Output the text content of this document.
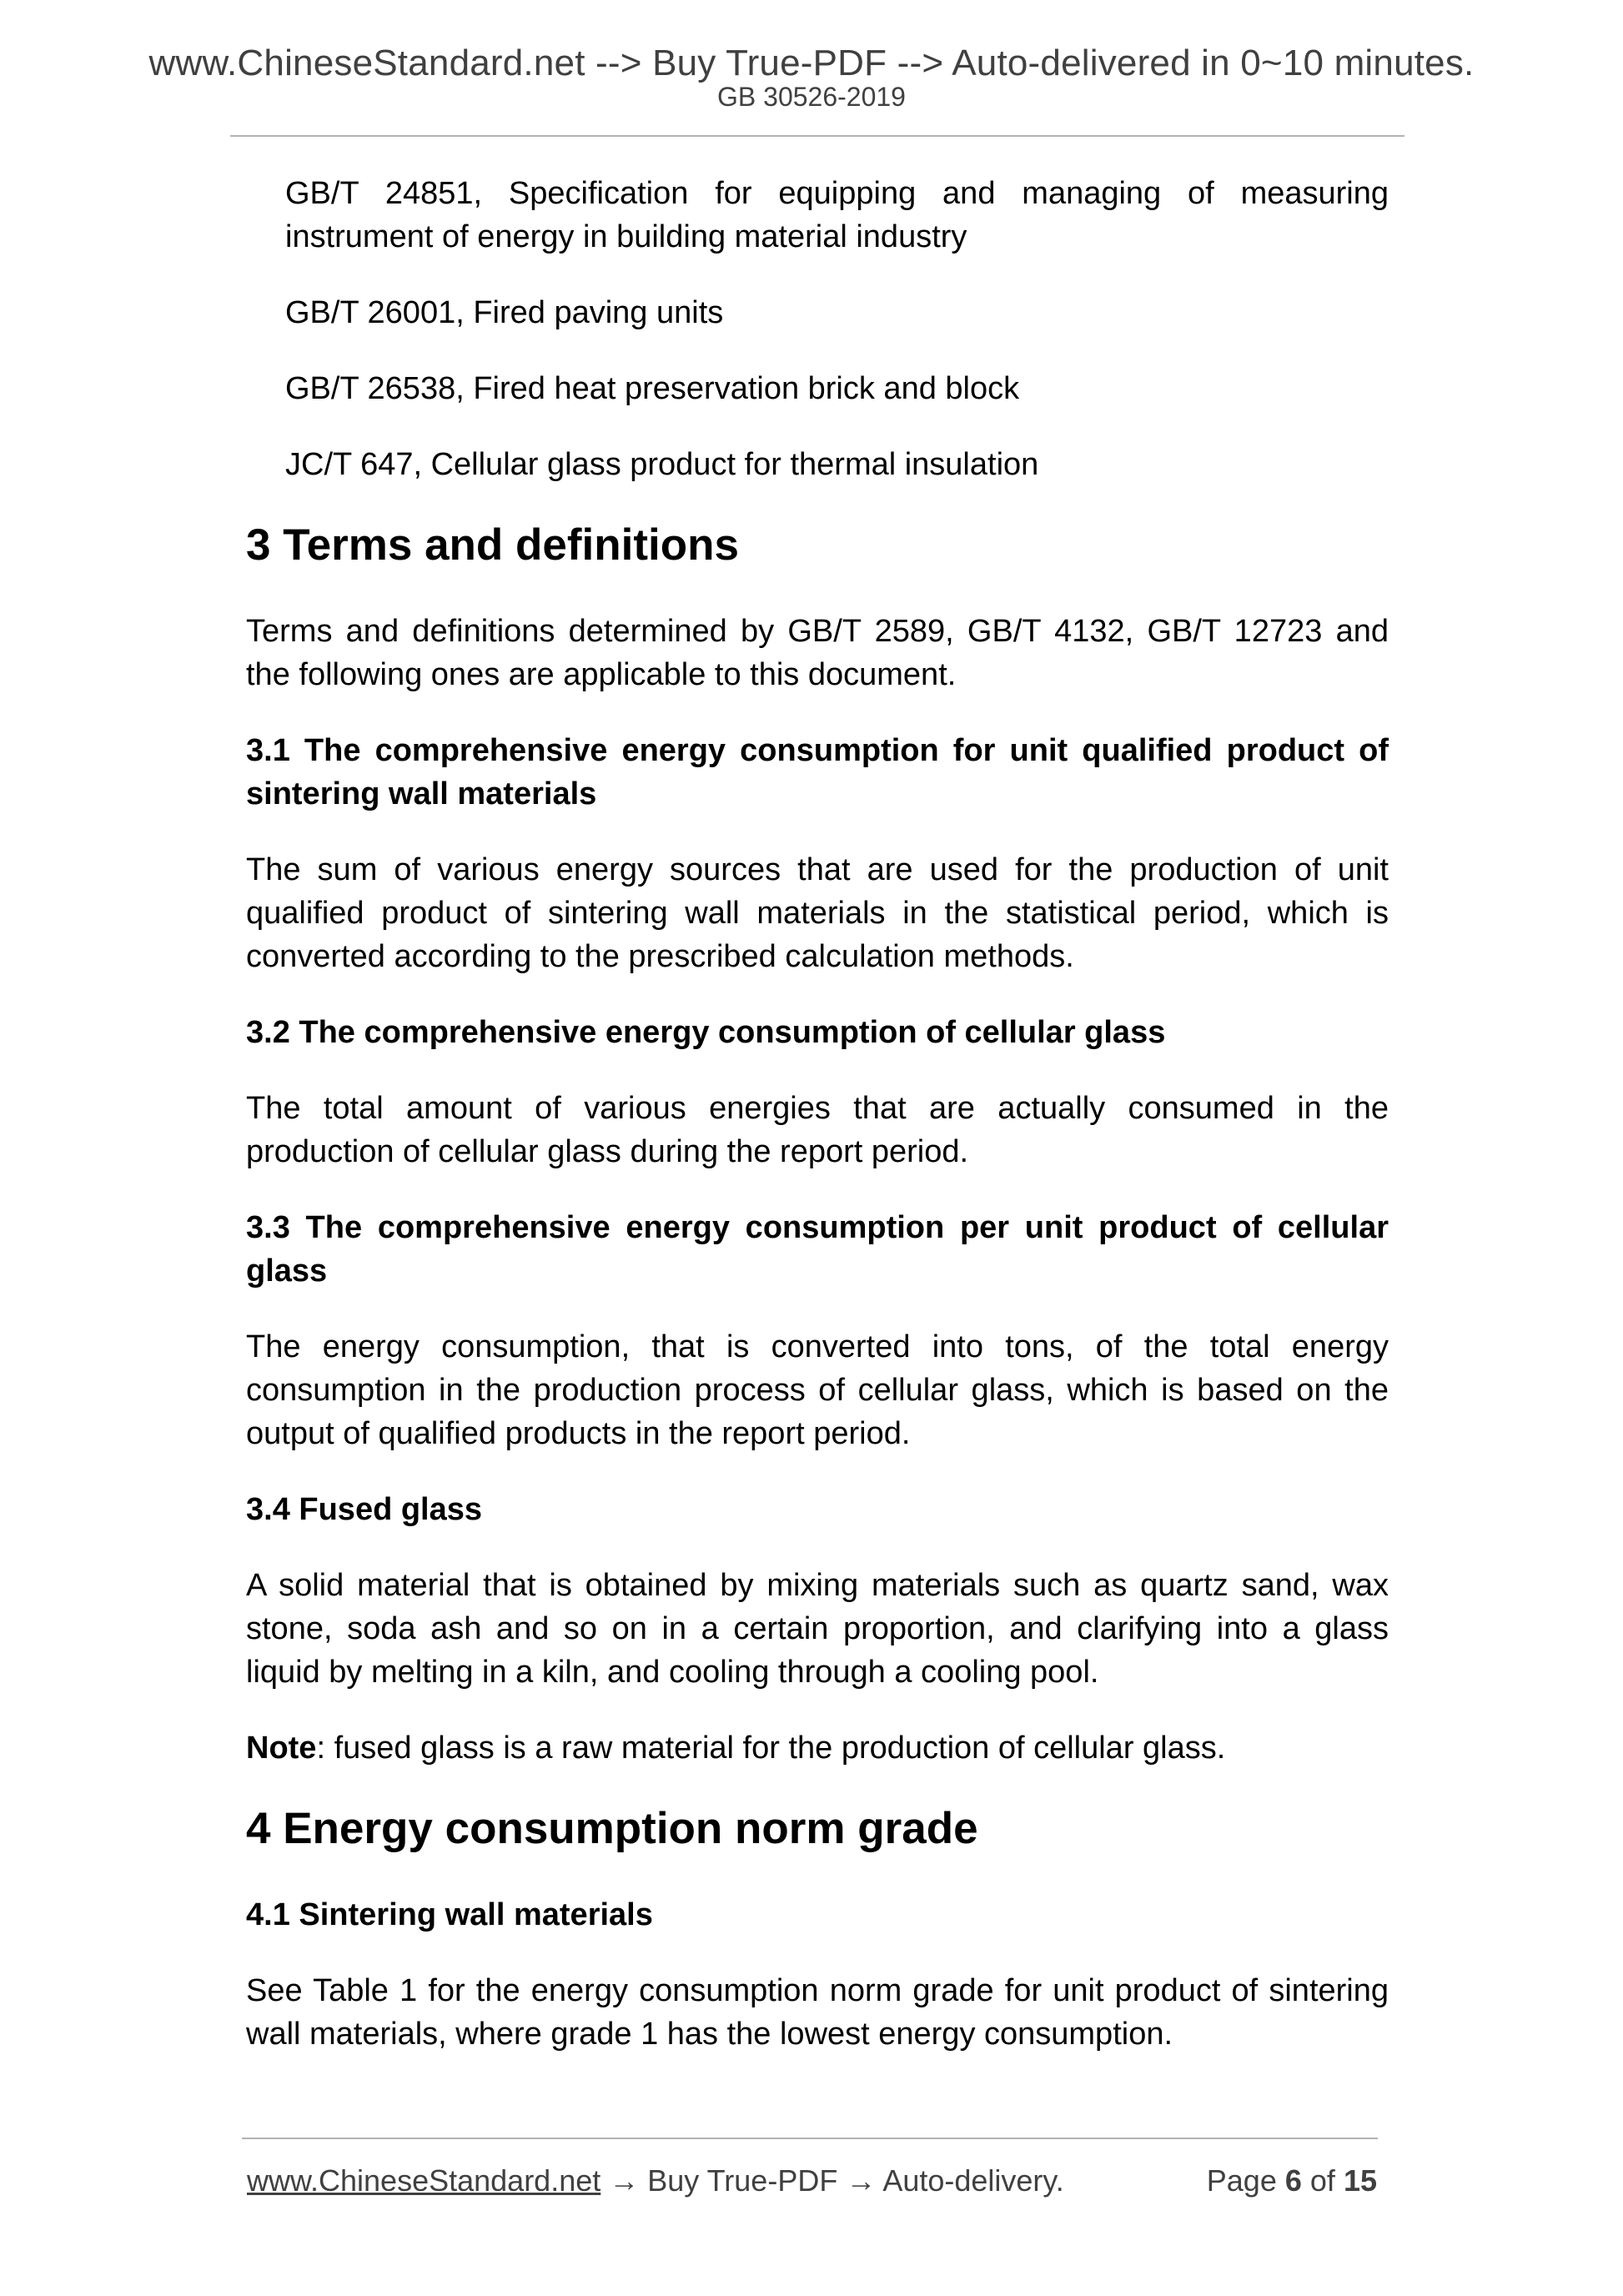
www.ChineseStandard.net --> Buy True-PDF --> Auto-delivered in 0~10 minutes.
GB 30526-2019

GB/T 24851, Specification for equipping and managing of measuring instrument of energy in building material industry

GB/T 26001, Fired paving units

GB/T 26538, Fired heat preservation brick and block

JC/T 647, Cellular glass product for thermal insulation

3 Terms and definitions

Terms and definitions determined by GB/T 2589, GB/T 4132, GB/T 12723 and the following ones are applicable to this document.

3.1 The comprehensive energy consumption for unit qualified product of sintering wall materials

The sum of various energy sources that are used for the production of unit qualified product of sintering wall materials in the statistical period, which is converted according to the prescribed calculation methods.

3.2 The comprehensive energy consumption of cellular glass

The total amount of various energies that are actually consumed in the production of cellular glass during the report period.

3.3 The comprehensive energy consumption per unit product of cellular glass

The energy consumption, that is converted into tons, of the total energy consumption in the production process of cellular glass, which is based on the output of qualified products in the report period.

3.4 Fused glass

A solid material that is obtained by mixing materials such as quartz sand, wax stone, soda ash and so on in a certain proportion, and clarifying into a glass liquid by melting in a kiln, and cooling through a cooling pool.

Note: fused glass is a raw material for the production of cellular glass.

4 Energy consumption norm grade
4.1 Sintering wall materials

See Table 1 for the energy consumption norm grade for unit product of sintering wall materials, where grade 1 has the lowest energy consumption.

www.ChineseStandard.net → Buy True-PDF → Auto-delivery.	Page 6 of 15
